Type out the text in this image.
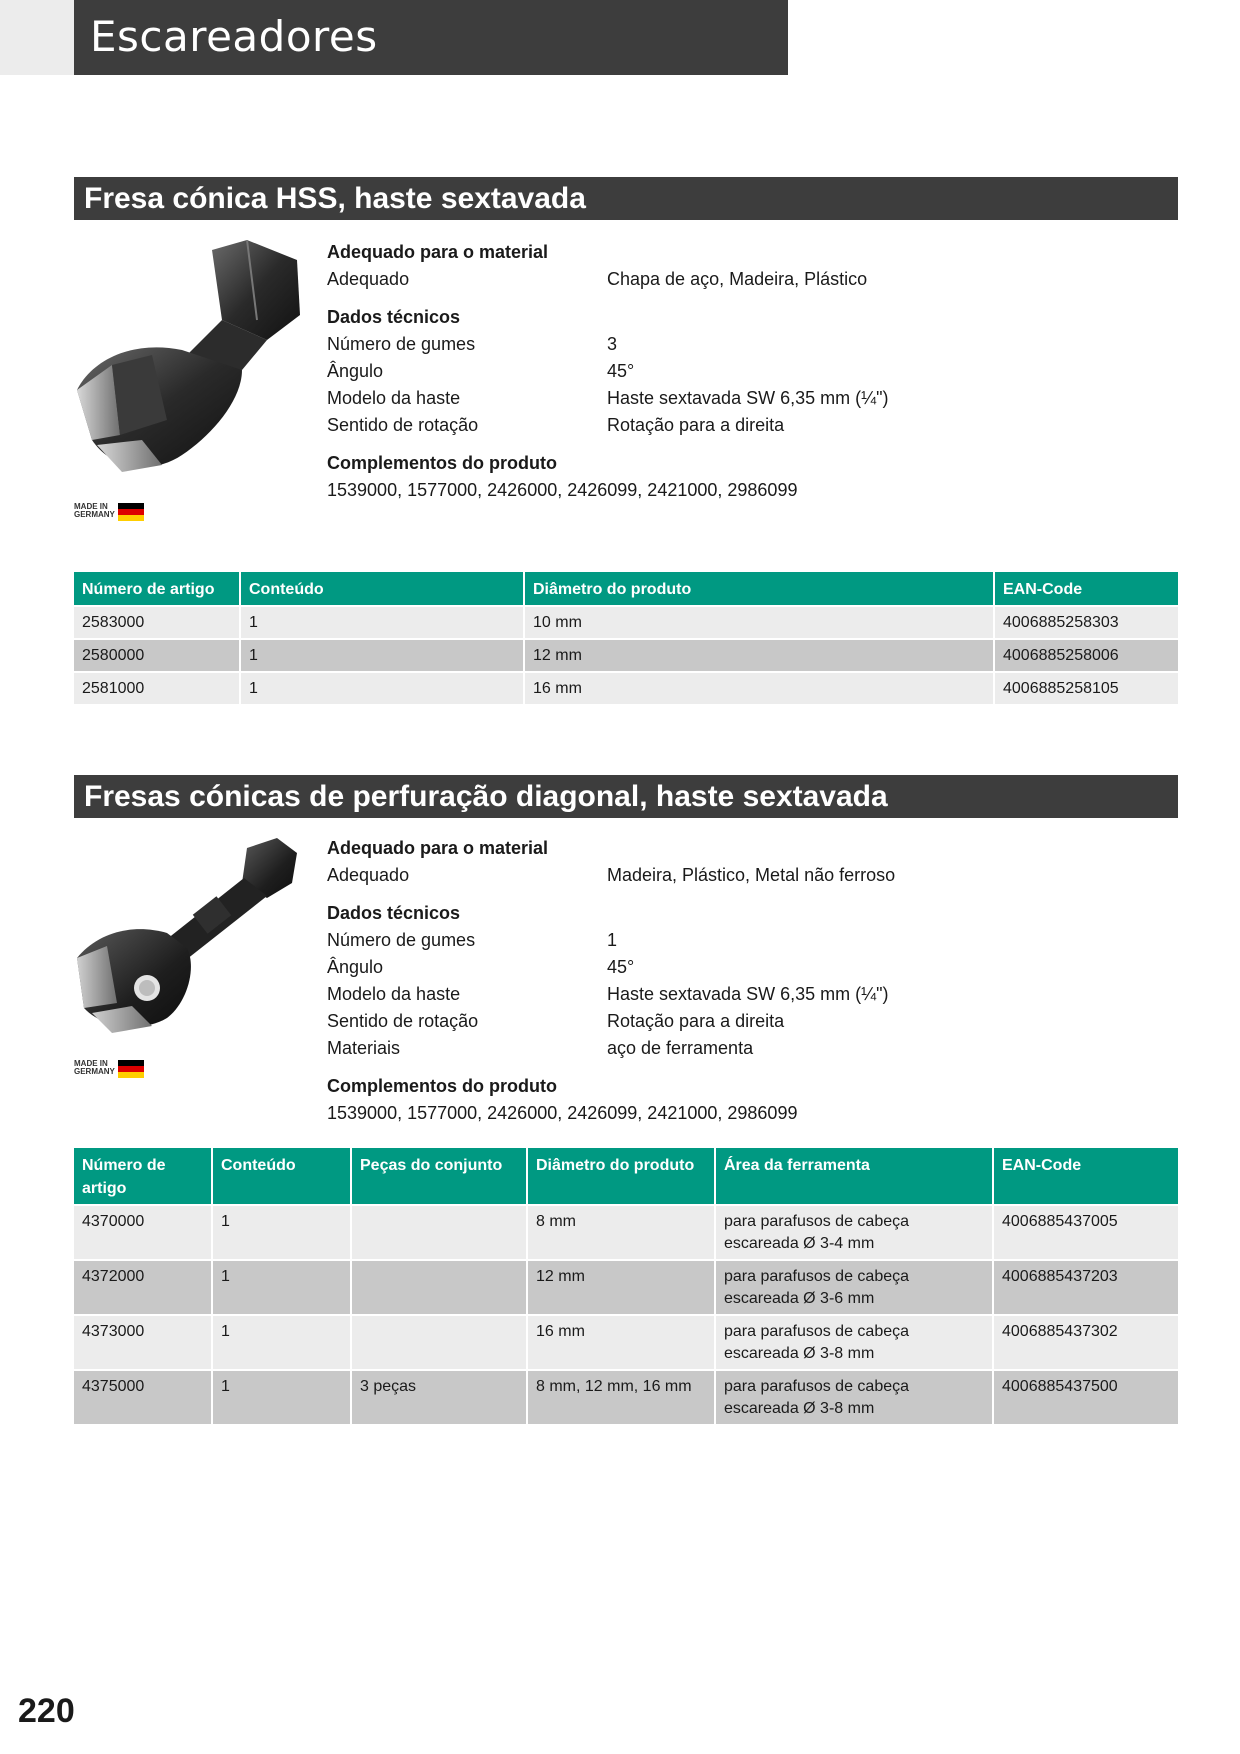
Escareadores
Fresa cónica HSS, haste sextavada
MADE IN
GERMANY
Adequado para o material
Adequado	Chapa de aço, Madeira, Plástico
Dados técnicos
Número de gumes	3
Ângulo	45°
Modelo da haste	Haste sextavada SW 6,35 mm (¼")
Sentido de rotação	Rotação para a direita
Complementos do produto
1539000, 1577000, 2426000, 2426099, 2421000, 2986099
Número de artigo	Conteúdo	Diâmetro do produto	EAN-Code
2583000	1	10 mm	4006885258303
2580000	1	12 mm	4006885258006
2581000	1	16 mm	4006885258105
Fresas cónicas de perfuração diagonal, haste sextavada
MADE IN
GERMANY
Adequado para o material
Adequado	Madeira, Plástico, Metal não ferroso
Dados técnicos
Número de gumes	1
Ângulo	45°
Modelo da haste	Haste sextavada SW 6,35 mm (¼")
Sentido de rotação	Rotação para a direita
Materiais	aço de ferramenta
Complementos do produto
1539000, 1577000, 2426000, 2426099, 2421000, 2986099
Número de artigo	Conteúdo	Peças do conjunto	Diâmetro do produto	Área da ferramenta	EAN-Code
4370000	1		8 mm	para parafusos de cabeça escareada Ø 3-4 mm	4006885437005
4372000	1		12 mm	para parafusos de cabeça escareada Ø 3-6 mm	4006885437203
4373000	1		16 mm	para parafusos de cabeça escareada Ø 3-8 mm	4006885437302
4375000	1	3 peças	8 mm, 12 mm, 16 mm	para parafusos de cabeça escareada Ø 3-8 mm	4006885437500
220
